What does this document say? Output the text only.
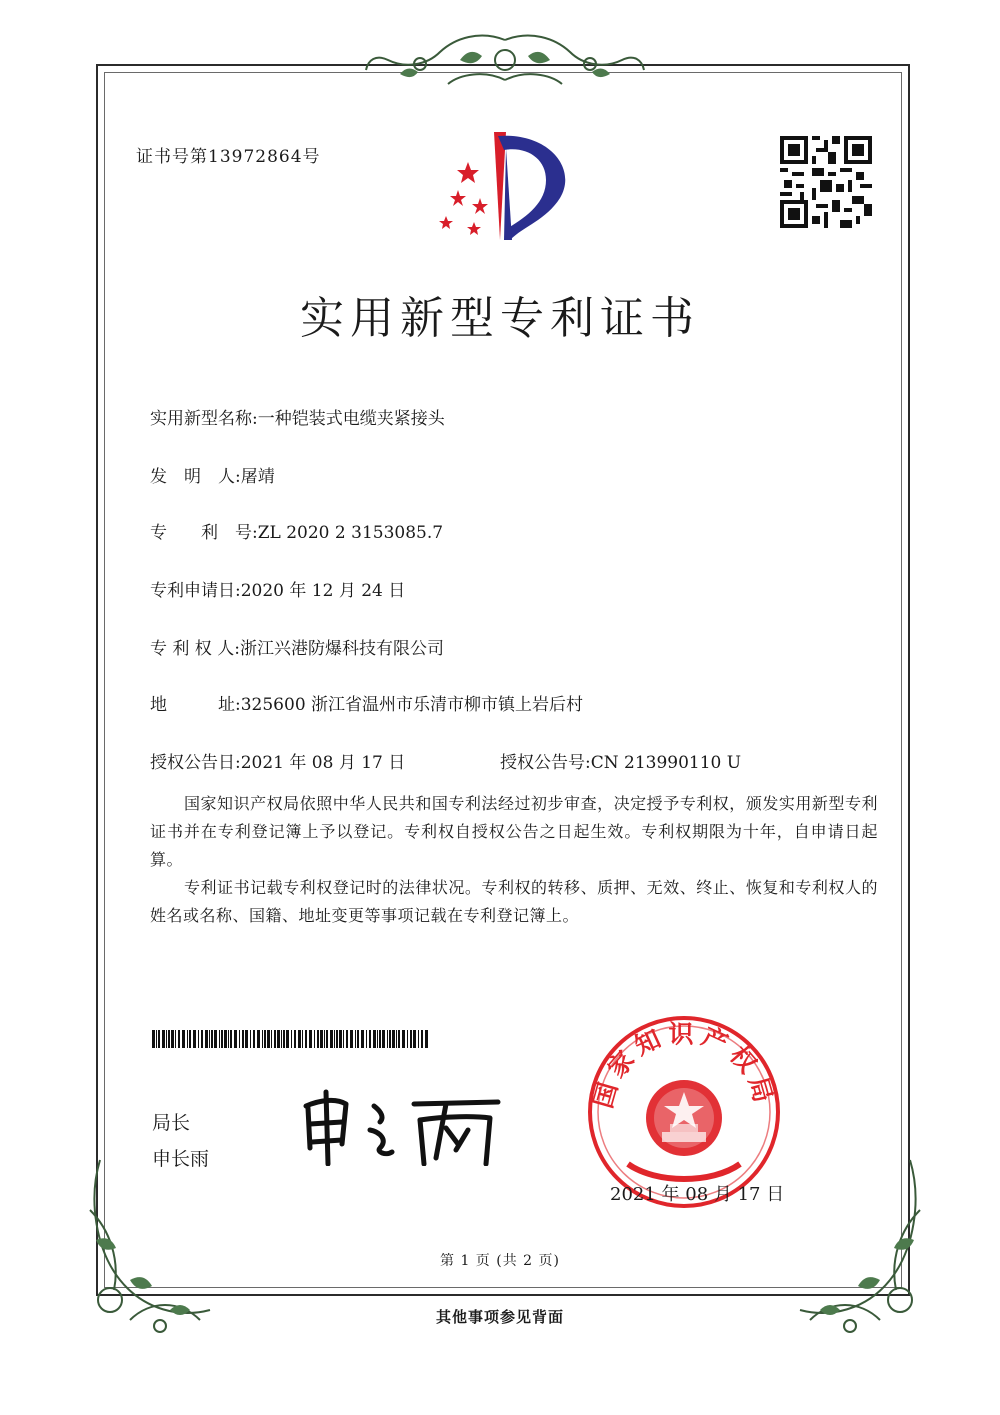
证书号第13972864号
实用新型专利证书
实用新型名称:一种铠装式电缆夹紧接头
发　明　人:屠靖
专　　利　号:ZL 2020 2 3153085.7
专利申请日:2020 年 12 月 24 日
专 利 权 人:浙江兴港防爆科技有限公司
地　　　址:325600 浙江省温州市乐清市柳市镇上岩后村
授权公告日:2021 年 08 月 17 日	授权公告号:CN 213990110 U
国家知识产权局依照中华人民共和国专利法经过初步审查，决定授予专利权，颁发实用新型专利证书并在专利登记簿上予以登记。专利权自授权公告之日起生效。专利权期限为十年，自申请日起算。
专利证书记载专利权登记时的法律状况。专利权的转移、质押、无效、终止、恢复和专利权人的姓名或名称、国籍、地址变更等事项记载在专利登记簿上。
局长
申长雨
国家知识产权局
2021 年 08 月 17 日
第 1 页 (共 2 页)
其他事项参见背面
